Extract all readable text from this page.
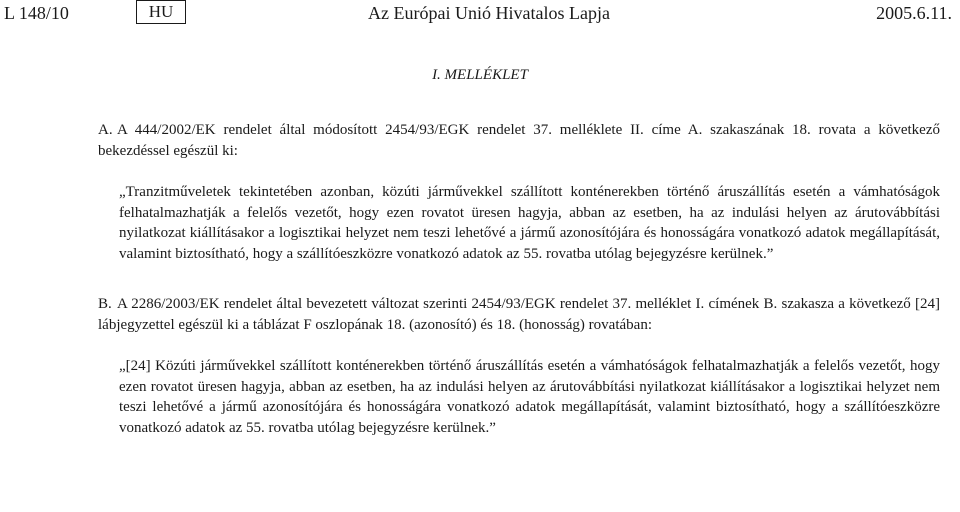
L 148/10	HU	Az Európai Unió Hivatalos Lapja	2005.6.11.
I. MELLÉKLET
A. A 444/2002/EK rendelet által módosított 2454/93/EGK rendelet 37. melléklete II. címe A. szakaszának 18. rovata a következő bekezdéssel egészül ki:
„Tranzitműveletek tekintetében azonban, közúti járművekkel szállított konténerekben történő áruszállítás esetén a vámhatóságok felhatalmazhatják a felelős vezetőt, hogy ezen rovatot üresen hagyja, abban az esetben, ha az indulási helyen az árutovábbítási nyilatkozat kiállításakor a logisztikai helyzet nem teszi lehetővé a jármű azonosítójára és honosságára vonatkozó adatok megállapítását, valamint biztosítható, hogy a szállítóeszközre vonatkozó adatok az 55. rovatba utólag bejegyzésre kerülnek.”
B. A 2286/2003/EK rendelet által bevezetett változat szerinti 2454/93/EGK rendelet 37. melléklet I. címének B. szakasza a következő [24] lábjegyzettel egészül ki a táblázat F oszlopának 18. (azonosító) és 18. (honosság) rovatában:
„[24] Közúti járművekkel szállított konténerekben történő áruszállítás esetén a vámhatóságok felhatalmazhatják a felelős vezetőt, hogy ezen rovatot üresen hagyja, abban az esetben, ha az indulási helyen az árutovábbítási nyilatkozat kiállításakor a logisztikai helyzet nem teszi lehetővé a jármű azonosítójára és honosságára vonatkozó adatok megállapítását, valamint biztosítható, hogy a szállítóeszközre vonatkozó adatok az 55. rovatba utólag bejegyzésre kerülnek.”
